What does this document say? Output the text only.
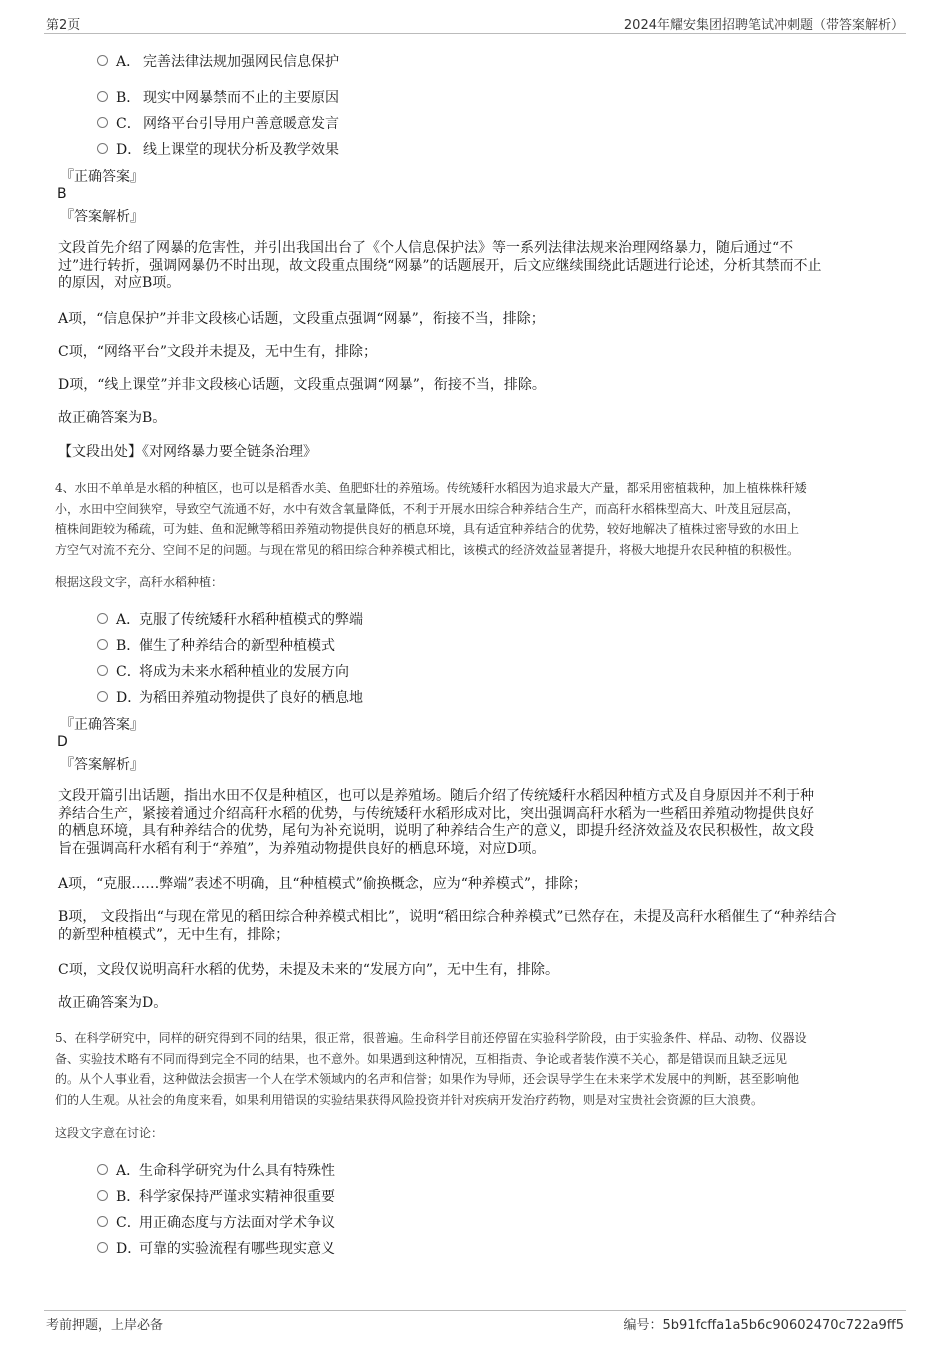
第2页	2024年耀安集团招聘笔试冲刺题（带答案解析）
A． 完善法律法规加强网民信息保护
B． 现实中网暴禁而不止的主要原因
C． 网络平台引导用户善意暖意发言
D． 线上课堂的现状分析及教学效果
『正确答案』
B
『答案解析』
文段首先介绍了网暴的危害性，并引出我国出台了《个人信息保护法》等一系列法律法规来治理网络暴力，随后通过“不
过”进行转折，强调网暴仍不时出现，故文段重点围绕“网暴”的话题展开，后文应继续围绕此话题进行论述，分析其禁而不止
的原因，对应B项。
A项，“信息保护”并非文段核心话题，文段重点强调“网暴”，衔接不当，排除；
C项，“网络平台”文段并未提及，无中生有，排除；
D项，“线上课堂”并非文段核心话题，文段重点强调“网暴”，衔接不当，排除。
故正确答案为B。
【文段出处】《对网络暴力要全链条治理》
4、水田不单单是水稻的种植区，也可以是稻香水美、鱼肥虾壮的养殖场。传统矮秆水稻因为追求最大产量，都采用密植栽种，加上植株株秆矮
小，水田中空间狭窄，导致空气流通不好，水中有效含氧量降低，不利于开展水田综合种养结合生产，而高秆水稻株型高大、叶茂且冠层高，
植株间距较为稀疏，可为蛙、鱼和泥鳅等稻田养殖动物提供良好的栖息环境，具有适宜种养结合的优势，较好地解决了植株过密导致的水田上
方空气对流不充分、空间不足的问题。与现在常见的稻田综合种养模式相比，该模式的经济效益显著提升，将极大地提升农民种植的积极性。
根据这段文字，高秆水稻种植：
A．
克服了传统矮秆水稻种植模式的弊端
B．
催生了种养结合的新型种植模式
C．
将成为未来水稻种植业的发展方向
D．
为稻田养殖动物提供了良好的栖息地
『正确答案』
D
『答案解析』
文段开篇引出话题，指出水田不仅是种植区，也可以是养殖场。随后介绍了传统矮秆水稻因种植方式及自身原因并不利于种
养结合生产，紧接着通过介绍高秆水稻的优势，与传统矮秆水稻形成对比，突出强调高秆水稻为一些稻田养殖动物提供良好
的栖息环境，具有种养结合的优势，尾句为补充说明，说明了种养结合生产的意义，即提升经济效益及农民积极性，故文段
旨在强调高秆水稻有利于“养殖”，为养殖动物提供良好的栖息环境，对应D项。
A项，“克服……弊端”表述不明确，且“种植模式”偷换概念，应为“种养模式”，排除；
B项， 文段指出“与现在常见的稻田综合种养模式相比”，说明“稻田综合种养模式”已然存在，未提及高秆水稻催生了“种养结合
的新型种植模式”，无中生有，排除；
C项，文段仅说明高秆水稻的优势，未提及未来的“发展方向”，无中生有，排除。
故正确答案为D。
5、在科学研究中，同样的研究得到不同的结果，很正常，很普遍。生命科学目前还停留在实验科学阶段，由于实验条件、样品、动物、仪器设
备、实验技术略有不同而得到完全不同的结果，也不意外。如果遇到这种情况，互相指责、争论或者装作漠不关心，都是错误而且缺乏远见
的。从个人事业看，这种做法会损害一个人在学术领域内的名声和信誉；如果作为导师，还会误导学生在未来学术发展中的判断，甚至影响他
们的人生观。从社会的角度来看，如果利用错误的实验结果获得风险投资并针对疾病开发治疗药物，则是对宝贵社会资源的巨大浪费。
这段文字意在讨论：
A．
生命科学研究为什么具有特殊性
B．
科学家保持严谨求实精神很重要
C．
用正确态度与方法面对学术争议
D．
可靠的实验流程有哪些现实意义
考前押题，上岸必备	编号：5b91fcffa1a5b6c90602470c722a9ff5
